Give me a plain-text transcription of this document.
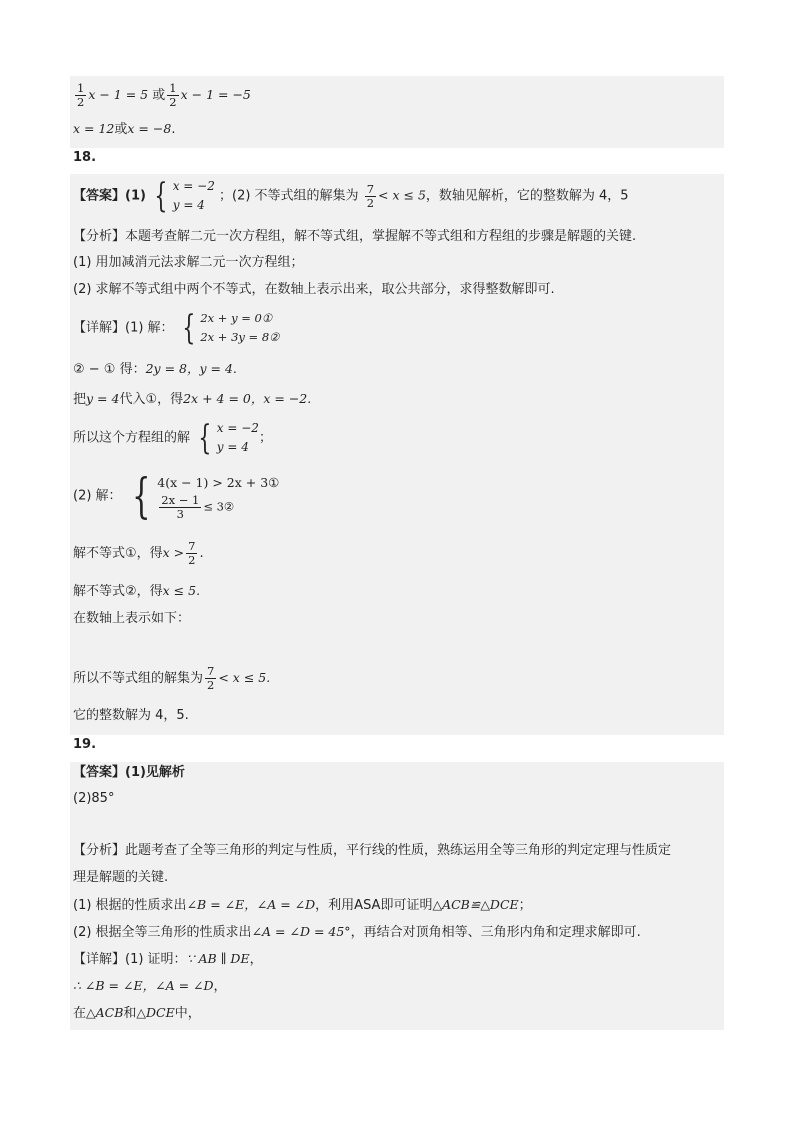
$\frac{1}{2}$ x − 1 = 5 或 $\frac{1}{2}$ x − 1 = −5
x = 12或x = −8.
18.
【答案】(1) { x = −2
y = 4
；(2) 不等式组的解集为 $\frac{7}{2} < x \le 5$，数轴见解析，它的整数解为 4，5
【分析】本题考查解二元一次方程组，解不等式组，掌握解不等式组和方程组的步骤是解题的关键.
(1) 用加减消元法求解二元一次方程组；
(2) 求解不等式组中两个不等式，在数轴上表示出来，取公共部分，求得整数解即可.
【详解】(1) 解： { 2x + y = 0①
2x + 3y = 8②
② − ① 得：2y = 8，y = 4.
把y = 4代入①，得2x + 4 = 0，x = −2.
所以这个方程组的解 { x = −2
y = 4
；
(2) 解： { 4(x − 1) > 2x + 3①
$\frac{2x - 1}{3}$ ≤ 3②
解不等式①，得$x > \frac{7}{2}$ .
解不等式②，得x ≤ 5.
在数轴上表示如下：
所以不等式组的解集为 $\frac{7}{2} < x \le 5$.
它的整数解为 4，5.
19.
【答案】(1)见解析
(2)85°
【分析】此题考查了全等三角形的判定与性质，平行线的性质，熟练运用全等三角形的判定定理与性质定
理是解题的关键.
(1) 根据的性质求出∠B = ∠E，∠A = ∠D，利用ASA即可证明△ACB≌△DCE；
(2) 根据全等三角形的性质求出∠A = ∠D = 45°，再结合对顶角相等、三角形内角和定理求解即可.
【详解】(1) 证明：∵ AB ∥ DE，
∴ ∠B = ∠E，∠A = ∠D，
在△ACB和△DCE中，
